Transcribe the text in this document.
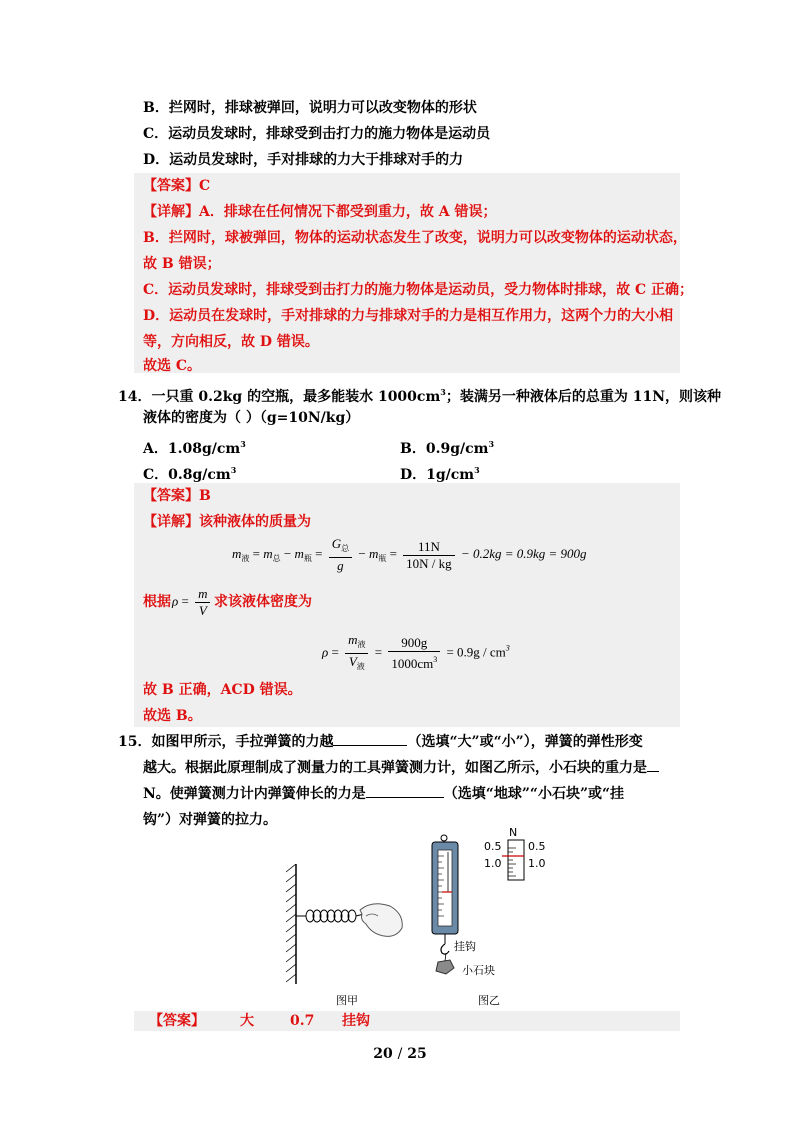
B．拦网时，排球被弹回，说明力可以改变物体的形状
C．运动员发球时，排球受到击打力的施力物体是运动员
D．运动员发球时，手对排球的力大于排球对手的力
【答案】C
【详解】A．排球在任何情况下都受到重力，故 A 错误；
B．拦网时，球被弹回，物体的运动状态发生了改变，说明力可以改变物体的运动状态，
故 B 错误；
C．运动员发球时，排球受到击打力的施力物体是运动员，受力物体时排球，故 C 正确；
D．运动员在发球时，手对排球的力与排球对手的力是相互作用力，这两个力的大小相
等，方向相反，故 D 错误。
故选 C。
14．一只重 0.2kg 的空瓶，最多能装水 $1000cm^3$；装满另一种液体后的总重为 11N，则该种
液体的密度为（ ）（g=10N/kg）
A．$1.08g/cm^3$	B．$0.9g/cm^3$
C．$0.8g/cm^3$	D．$1g/cm^3$
【答案】B
【详解】该种液体的质量为
$m_液 = m_总 - m_瓶 = \frac{G_总}{g} - m_瓶 = \frac{11N}{10N / kg} - 0.2kg = 0.9kg = 900g$
根据 $\rho = \frac{m}{V}$ 求该液体密度为
$\rho = \frac{m_液}{V_液} = \frac{900g}{1000cm^3} = 0.9g / cm^3$
故 B 正确，ACD 错误。
故选 B。
15．如图甲所示，手拉弹簧的力越	（选填“大”或“小”），弹簧的弹性形变
越大。根据此原理制成了测量力的工具弹簧测力计，如图乙所示，小石块的重力是
N。使弹簧测力计内弹簧伸长的力是	（选填“地球”“小石块”或“挂
钩”）对弹簧的拉力。
N
0.5
1.0
0.5
1.0
挂钩
小石块
图甲	图乙
【答案】	大	0.7 挂钩
20 / 25
